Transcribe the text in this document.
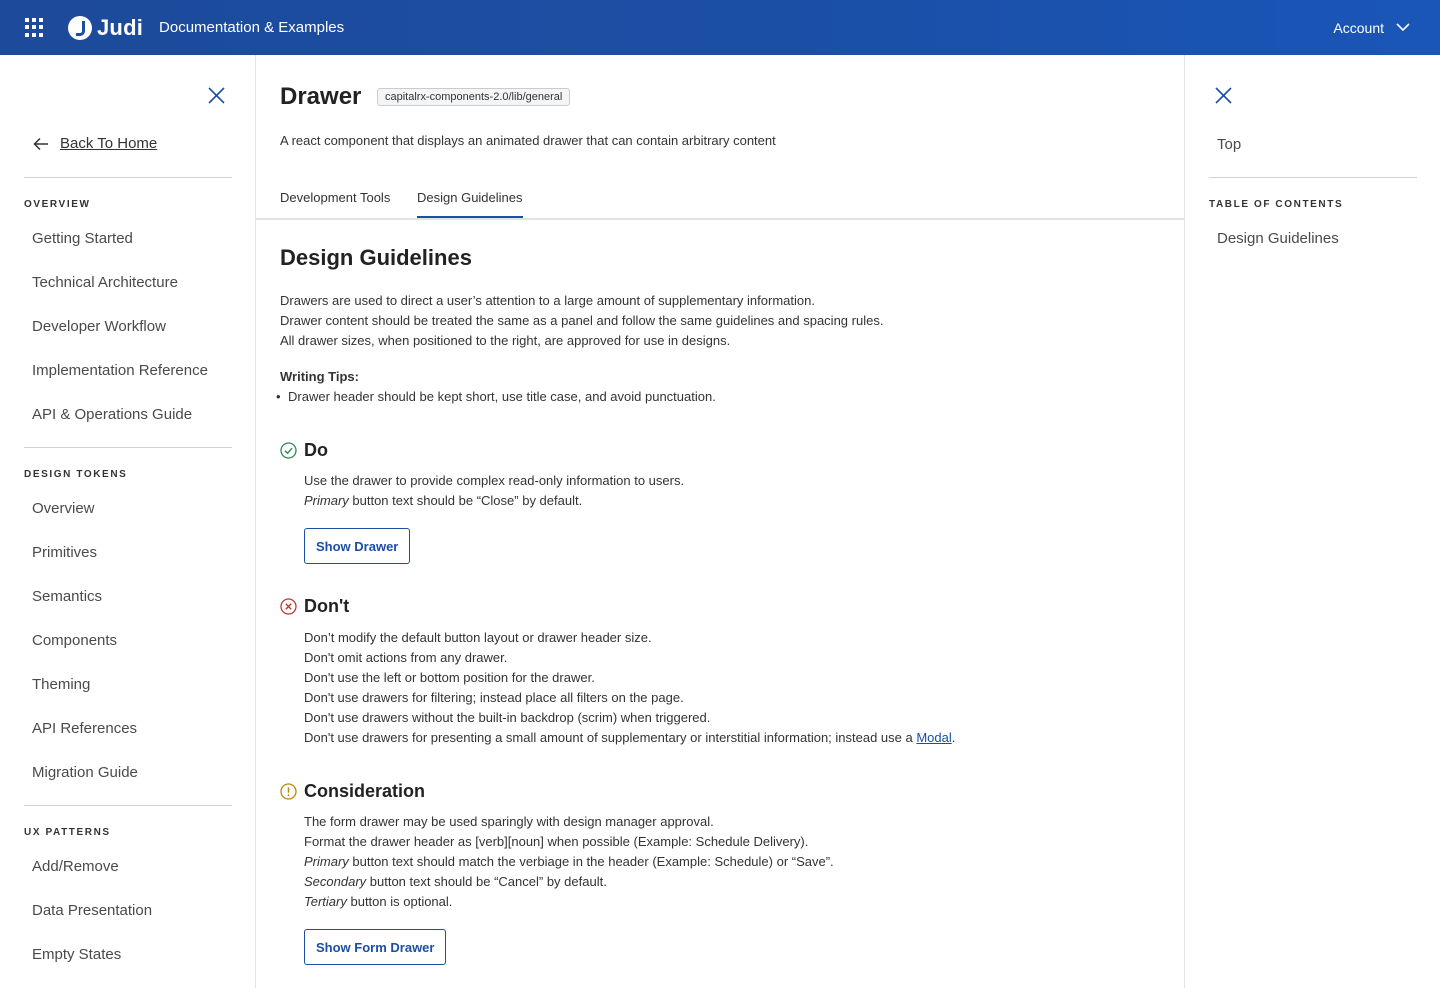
Judi Documentation & Examples	Account
Back To Home
OVERVIEW
Getting Started
Technical Architecture
Developer Workflow
Implementation Reference
API & Operations Guide
DESIGN TOKENS
Overview
Primitives
Semantics
Components
Theming
API References
Migration Guide
UX PATTERNS
Add/Remove
Data Presentation
Empty States
Drawer	capitalrx-components-2.0/lib/general
A react component that displays an animated drawer that can contain arbitrary content
Development Tools Design Guidelines
Design Guidelines
Drawers are used to direct a user’s attention to a large amount of supplementary information.
Drawer content should be treated the same as a panel and follow the same guidelines and spacing rules.
All drawer sizes, when positioned to the right, are approved for use in designs.
Writing Tips:
• Drawer header should be kept short, use title case, and avoid punctuation.
Do
Use the drawer to provide complex read-only information to users.
Primary button text should be “Close” by default.
Show Drawer
Don't
Don’t modify the default button layout or drawer header size.
Don't omit actions from any drawer.
Don't use the left or bottom position for the drawer.
Don't use drawers for filtering; instead place all filters on the page.
Don't use drawers without the built-in backdrop (scrim) when triggered.
Don't use drawers for presenting a small amount of supplementary or interstitial information; instead use a Modal.
Consideration
The form drawer may be used sparingly with design manager approval.
Format the drawer header as [verb][noun] when possible (Example: Schedule Delivery).
Primary button text should match the verbiage in the header (Example: Schedule) or “Save”.
Secondary button text should be “Cancel” by default.
Tertiary button is optional.
Show Form Drawer
Top
TABLE OF CONTENTS
Design Guidelines
